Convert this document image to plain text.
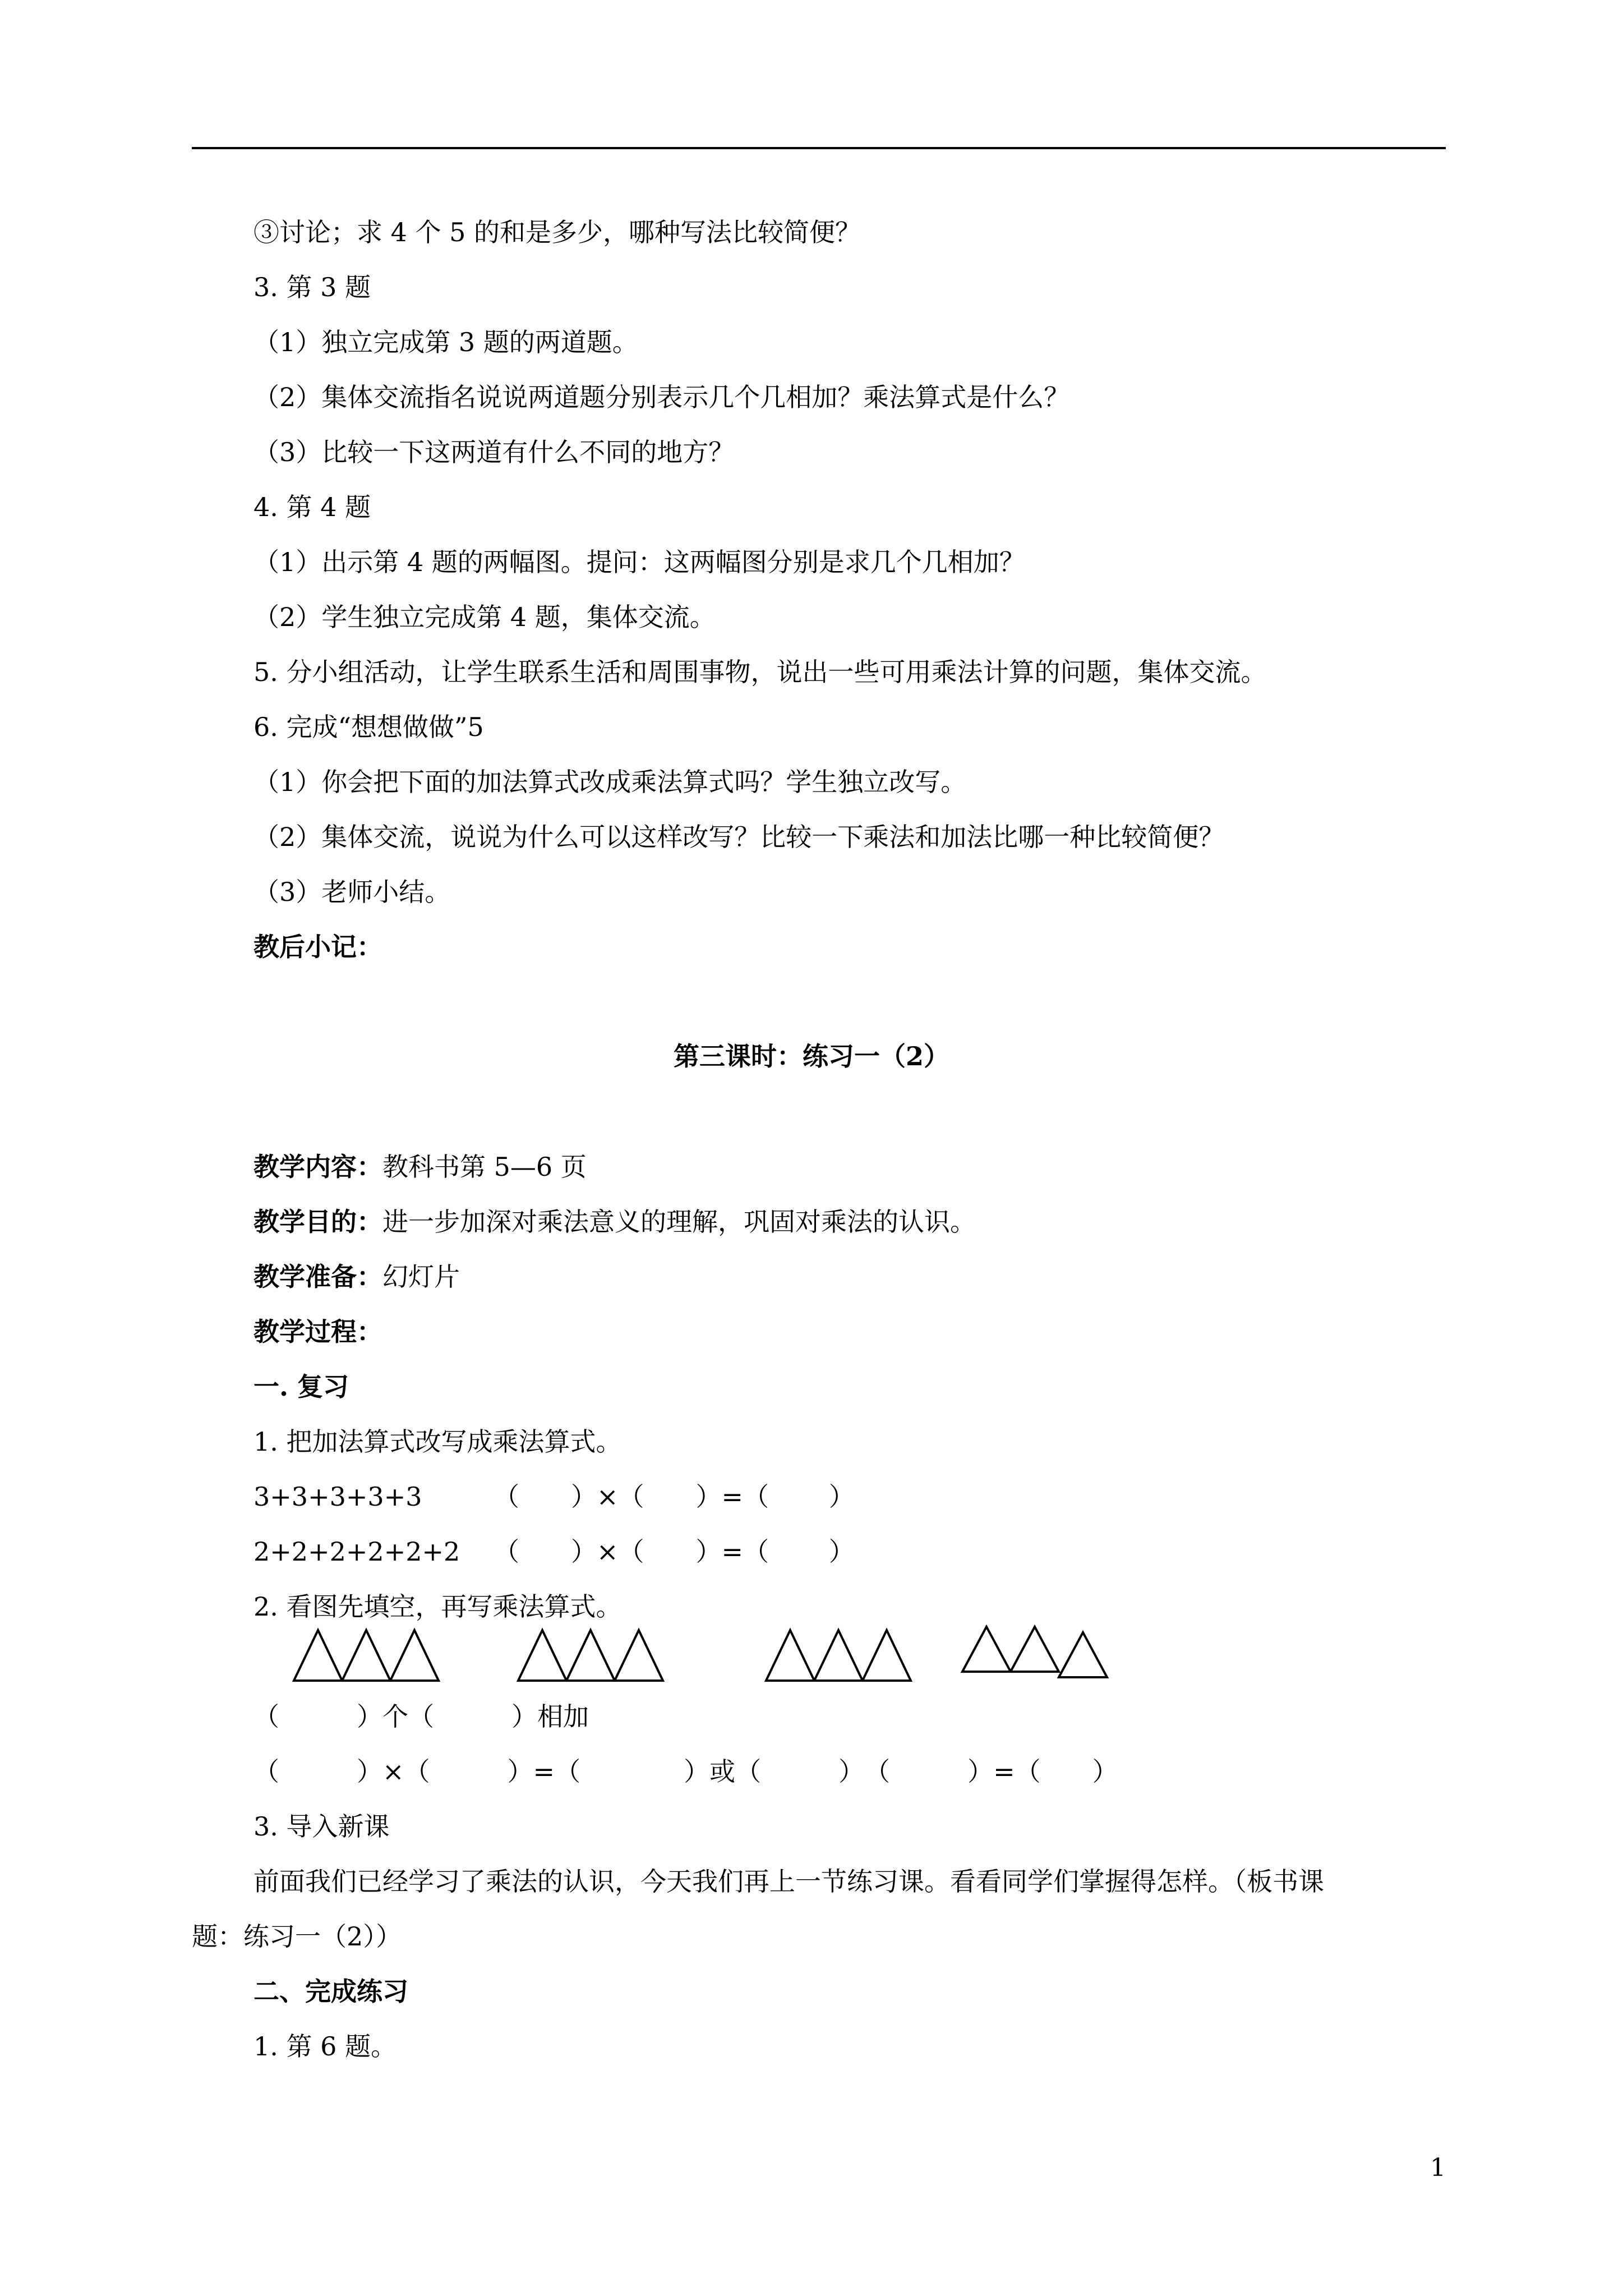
③讨论；求 4 个 5 的和是多少，哪种写法比较简便？
3. 第 3 题
（1）独立完成第 3 题的两道题。
（2）集体交流指名说说两道题分别表示几个几相加？乘法算式是什么？
（3）比较一下这两道有什么不同的地方？
4. 第 4 题
（1）出示第 4 题的两幅图。提问：这两幅图分别是求几个几相加？
（2）学生独立完成第 4 题，集体交流。
5. 分小组活动，让学生联系生活和周围事物，说出一些可用乘法计算的问题，集体交流。
6. 完成“想想做做”5
（1）你会把下面的加法算式改成乘法算式吗？学生独立改写。
（2）集体交流，说说为什么可以这样改写？比较一下乘法和加法比哪一种比较简便？
（3）老师小结。
教后小记：
第三课时：练习一（2）
教学内容：教科书第 5—6 页
教学目的：进一步加深对乘法意义的理解，巩固对乘法的认识。
教学准备：幻灯片
教学过程：
一. 复习
1. 把加法算式改写成乘法算式。
3+3+3+3+3	（　　）×（　　）=（　　 ）
2+2+2+2+2+2 （　　）×（　　）=（　　 ）
2. 看图先填空，再写乘法算式。
（　　　）个（　　　）相加
（　　　）×（　　　）=（　　　　）或（　　　）　（　　　）=（　　）
3. 导入新课
前面我们已经学习了乘法的认识，今天我们再上一节练习课。看看同学们掌握得怎样。（板书课
题：练习一（2））
二、完成练习
1. 第 6 题。
1
